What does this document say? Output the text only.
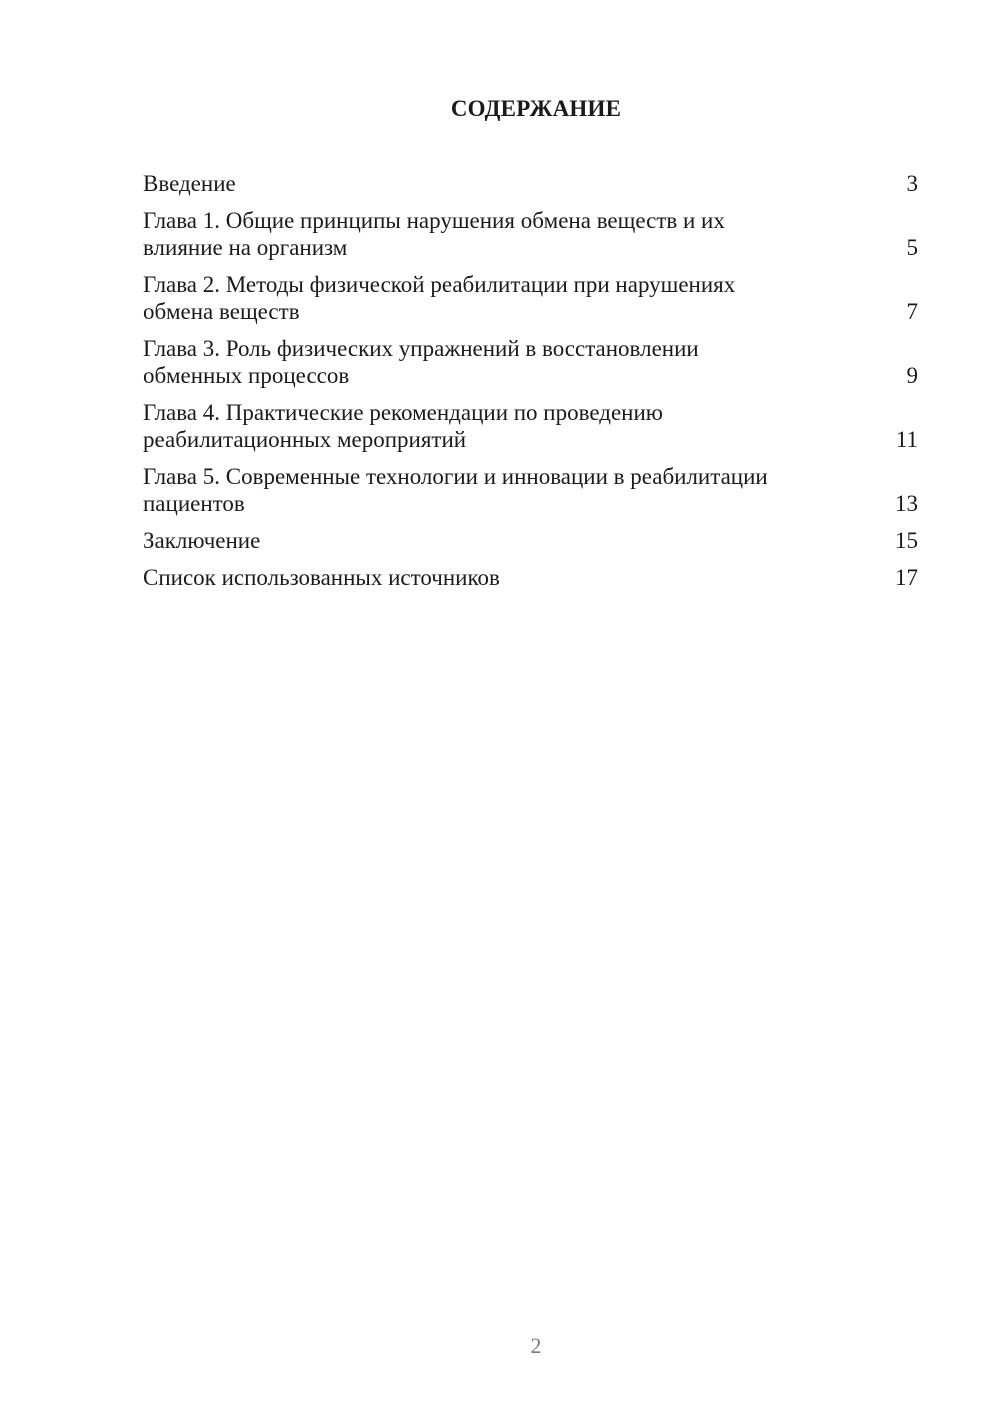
СОДЕРЖАНИЕ
Введение	3
Глава 1. Общие принципы нарушения обмена веществ и их
влияние на организм	5
Глава 2. Методы физической реабилитации при нарушениях
обмена веществ	7
Глава 3. Роль физических упражнений в восстановлении
обменных процессов	9
Глава 4. Практические рекомендации по проведению
реабилитационных мероприятий	11
Глава 5. Современные технологии и инновации в реабилитации
пациентов	13
Заключение	15
Список использованных источников	17
2
